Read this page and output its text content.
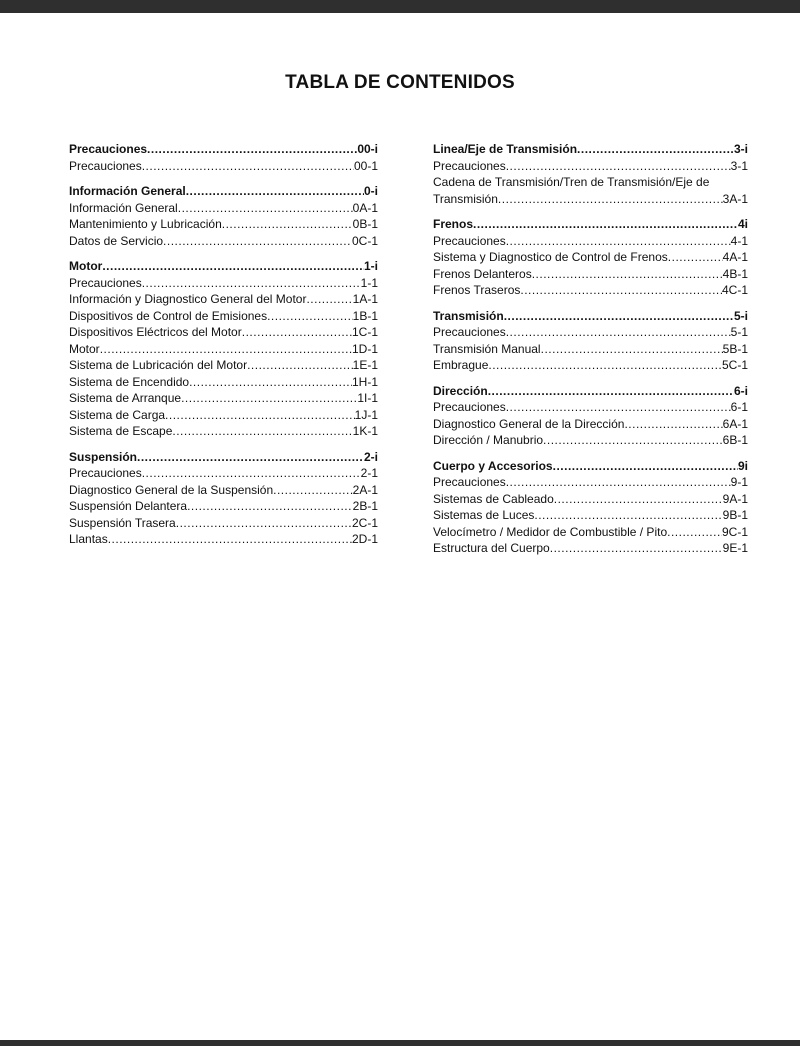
TABLA DE CONTENIDOS
Precauciones .....	00-i
Precauciones .....	00-1
Información General .....	0-i
Información General .....	0A-1
Mantenimiento y Lubricación .....	0B-1
Datos de Servicio .....	0C-1
Motor .....	1-i
Precauciones .....	1-1
Información y Diagnostico General del Motor .....	1A-1
Dispositivos de Control de Emisiones .....	1B-1
Dispositivos Eléctricos del Motor .....	1C-1
Motor .....	1D-1
Sistema de Lubricación del Motor .....	1E-1
Sistema de Encendido .....	1H-1
Sistema de Arranque .....	1I-1
Sistema de Carga .....	1J-1
Sistema de Escape .....	1K-1
Suspensión .....	2-i
Precauciones .....	2-1
Diagnostico General de la Suspensión .....	2A-1
Suspensión Delantera .....	2B-1
Suspensión Trasera .....	2C-1
Llantas .....	2D-1
Linea/Eje de Transmisión .....	3-i
Precauciones .....	3-1
Cadena de Transmisión/Tren de Transmisión/Eje de
Transmisión .....	3A-1
Frenos .....	4i
Precauciones .....	4-1
Sistema y Diagnostico de Control de Frenos .....	4A-1
Frenos Delanteros .....	4B-1
Frenos Traseros .....	4C-1
Transmisión .....	5-i
Precauciones .....	5-1
Transmisión Manual .....	5B-1
Embrague .....	5C-1
Dirección .....	6-i
Precauciones .....	6-1
Diagnostico General de la Dirección .....	6A-1
Dirección / Manubrio .....	6B-1
Cuerpo y Accesorios .....	9i
Precauciones .....	9-1
Sistemas de Cableado .....	9A-1
Sistemas de Luces .....	9B-1
Velocímetro / Medidor de Combustible / Pito .....	9C-1
Estructura del Cuerpo .....	9E-1
